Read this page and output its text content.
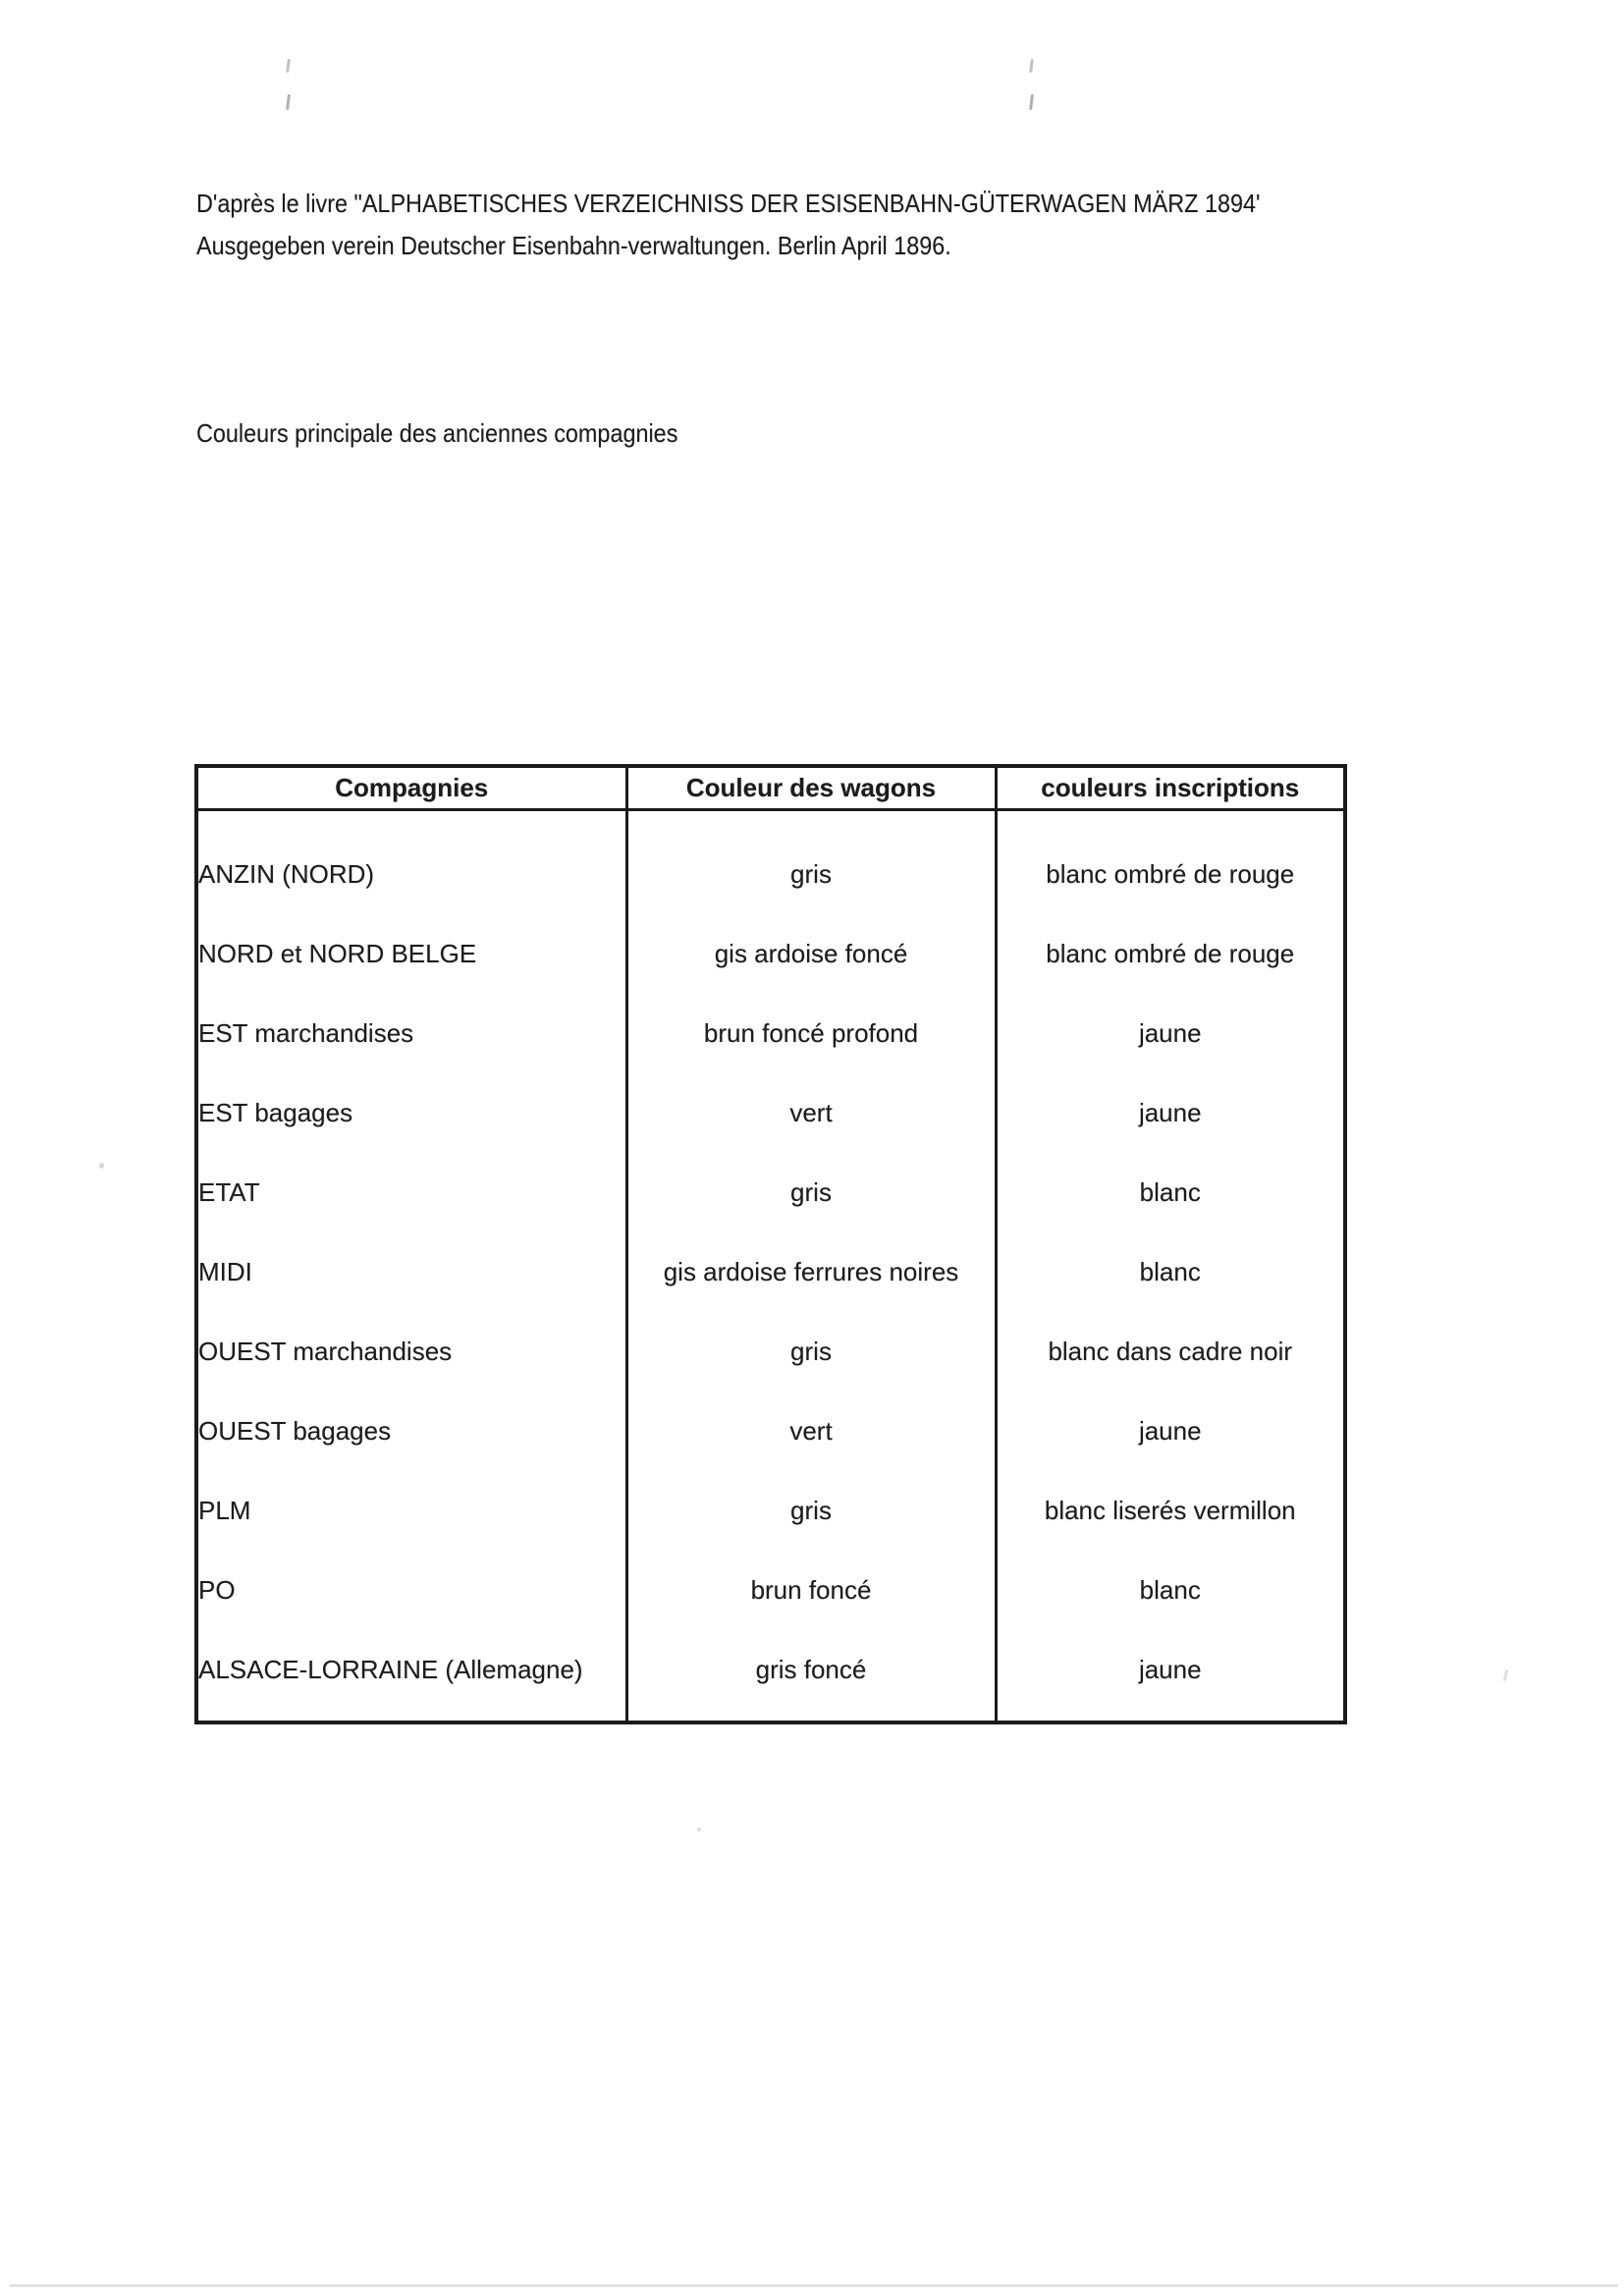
D'après le livre "ALPHABETISCHES VERZEICHNISS DER ESISENBAHN-GÜTERWAGEN MÄRZ 1894'
Ausgegeben verein Deutscher Eisenbahn-verwaltungen. Berlin April 1896.
Couleurs principale des anciennes compagnies
Compagnies	Couleur des wagons	couleurs inscriptions

ANZIN (NORD)	gris	blanc ombré de rouge
NORD et NORD BELGE	gis ardoise foncé	blanc ombré de rouge
EST marchandises	brun foncé profond	jaune
EST bagages	vert	jaune
ETAT	gris	blanc
MIDI	gis ardoise ferrures noires	blanc
OUEST marchandises	gris	blanc dans cadre noir
OUEST bagages	vert	jaune
PLM	gris	blanc liserés vermillon
PO	brun foncé	blanc
ALSACE-LORRAINE (Allemagne)	gris foncé	jaune
